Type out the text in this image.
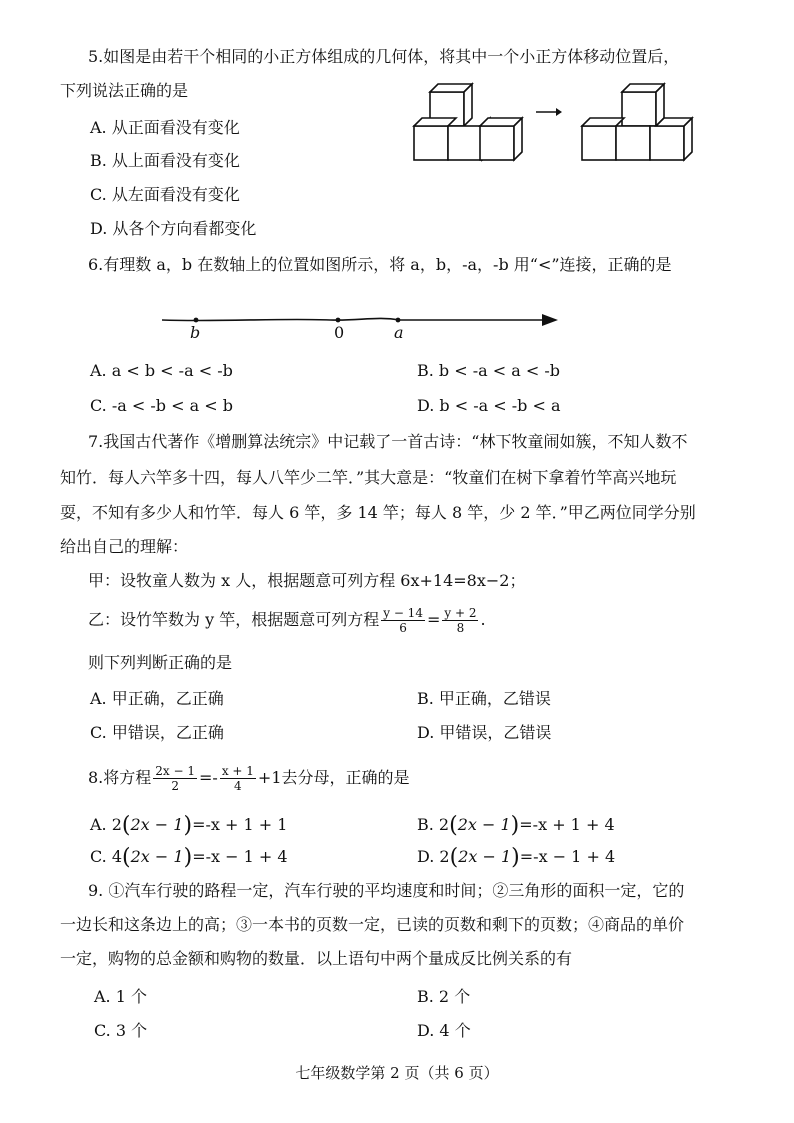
5.如图是由若干个相同的小正方体组成的几何体，将其中一个小正方体移动位置后，
下列说法正确的是
A. 从正面看没有变化
B. 从上面看没有变化
C. 从左面看没有变化
D. 从各个方向看都变化
6.有理数 a，b 在数轴上的位置如图所示，将 a，b，-a，-b 用“<”连接，正确的是
b	0	a
A. a < b < -a < -b	B. b < -a < a < -b
C. -a < -b < a < b	D. b < -a < -b < a
7.我国古代著作《增删算法统宗》中记载了一首古诗：“林下牧童闹如簇，不知人数不
知竹．每人六竿多十四，每人八竿少二竿．”其大意是：“牧童们在树下拿着竹竿高兴地玩
耍，不知有多少人和竹竿．每人 6 竿，多 14 竿；每人 8 竿，少 2 竿．”甲乙两位同学分别
给出自己的理解：
甲：设牧童人数为 x 人，根据题意可列方程 6x+14=8x−2；
乙：设竹竿数为 y 竿，根据题意可列方程 $\frac{y - 14}{6} = \frac{y + 2}{8}$ .
则下列判断正确的是
A. 甲正确，乙正确	B. 甲正确，乙错误
C. 甲错误，乙正确	D. 甲错误，乙错误
8.将方程 $\frac{2x - 1}{2} =- \frac{x + 1}{4} +1$去分母，正确的是
A. 2(2x − 1)=-x + 1 + 1	B. 2(2x − 1)=-x + 1 + 4
C. 4(2x − 1)=-x − 1 + 4	D. 2(2x − 1)=-x − 1 + 4
9. ①汽车行驶的路程一定，汽车行驶的平均速度和时间；②三角形的面积一定，它的
一边长和这条边上的高；③一本书的页数一定，已读的页数和剩下的页数；④商品的单价
一定，购物的总金额和购物的数量．以上语句中两个量成反比例关系的有
A. 1 个	B. 2 个
C. 3 个	D. 4 个
七年级数学第 2 页（共 6 页）
